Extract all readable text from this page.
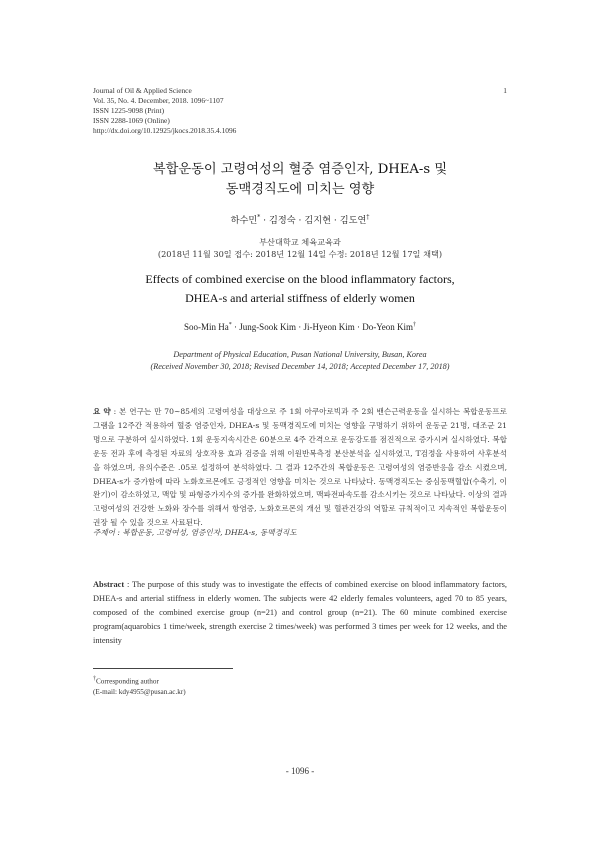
Journal of Oil & Applied Science
Vol. 35, No. 4. December, 2018. 1096~1107
ISSN 1225-9098 (Print)
ISSN 2288-1069 (Online)
http://dx.doi.org/10.12925/jkocs.2018.35.4.1096
1
복합운동이 고령여성의 혈중 염증인자, DHEA-s 및
동맥경직도에 미치는 영향
하수민* · 김정숙 · 김지현 · 김도연†
부산대학교 체육교육과
(2018년 11월 30일 접수: 2018년 12월 14일 수정: 2018년 12월 17일 채택)
Effects of combined exercise on the blood inflammatory factors,
DHEA-s and arterial stiffness of elderly women
Soo-Min Ha* · Jung-Sook Kim · Ji-Hyeon Kim · Do-Yeon Kim†
Department of Physical Education, Pusan National University, Busan, Korea
(Received November 30, 2018; Revised December 14, 2018; Accepted December 17, 2018)
요 약 : 본 연구는 만 70~85세의 고령여성을 대상으로 주 1회 아쿠아로빅과 주 2회 밴슨근력운동을 실시하는 복합운동프로그램을 12주간 적용하여 혈중 염증인자, DHEA-s 및 동맥경직도에 미치는 영향을 구명하기 위하여 운동군 21명, 대조군 21명으로 구분하여 실시하였다. 1회 운동지속시간은 60분으로 4주 간격으로 운동강도를 점진적으로 증가시켜 실시하였다. 복합운동 전과 후에 측정된 자료의 상호작용 효과 검증을 위해 이원반복측정 분산분석을 실시하였고, T검정을 사용하여 사후분석을 하였으며, 유의수준은 .05로 설정하여 분석하였다. 그 결과 12주간의 복합운동은 고령여성의 염증반응을 감소 시켰으며, DHEA-s가 증가함에 따라 노화호르몬에도 긍정적인 영향을 미치는 것으로 나타났다. 동맥경직도는 중심동맥혈압(수축기, 이완기)이 감소하였고, 맥압 및 파형증가지수의 증가를 완화하였으며, 맥파전파속도를 감소시키는 것으로 나타났다. 이상의 결과 고령여성의 건강한 노화와 장수를 위해서 항염증, 노화호르몬의 개선 및 혈관건강의 역할로 규칙적이고 지속적인 복합운동이 권장 될 수 있을 것으로 사료된다.
주제어 : 복합운동, 고령여성, 염증인자, DHEA-s, 동맥경직도
Abstract : The purpose of this study was to investigate the effects of combined exercise on blood inflammatory factors, DHEA-s and arterial stiffness in elderly women. The subjects were 42 elderly females volunteers, aged 70 to 85 years, composed of the combined exercise group (n=21) and control group (n=21). The 60 minute combined exercise program(aquarobics 1 time/week, strength exercise 2 times/week) was performed 3 times per week for 12 weeks, and the intensity
†Corresponding author
(E-mail: kdy4955@pusan.ac.kr)
- 1096 -
